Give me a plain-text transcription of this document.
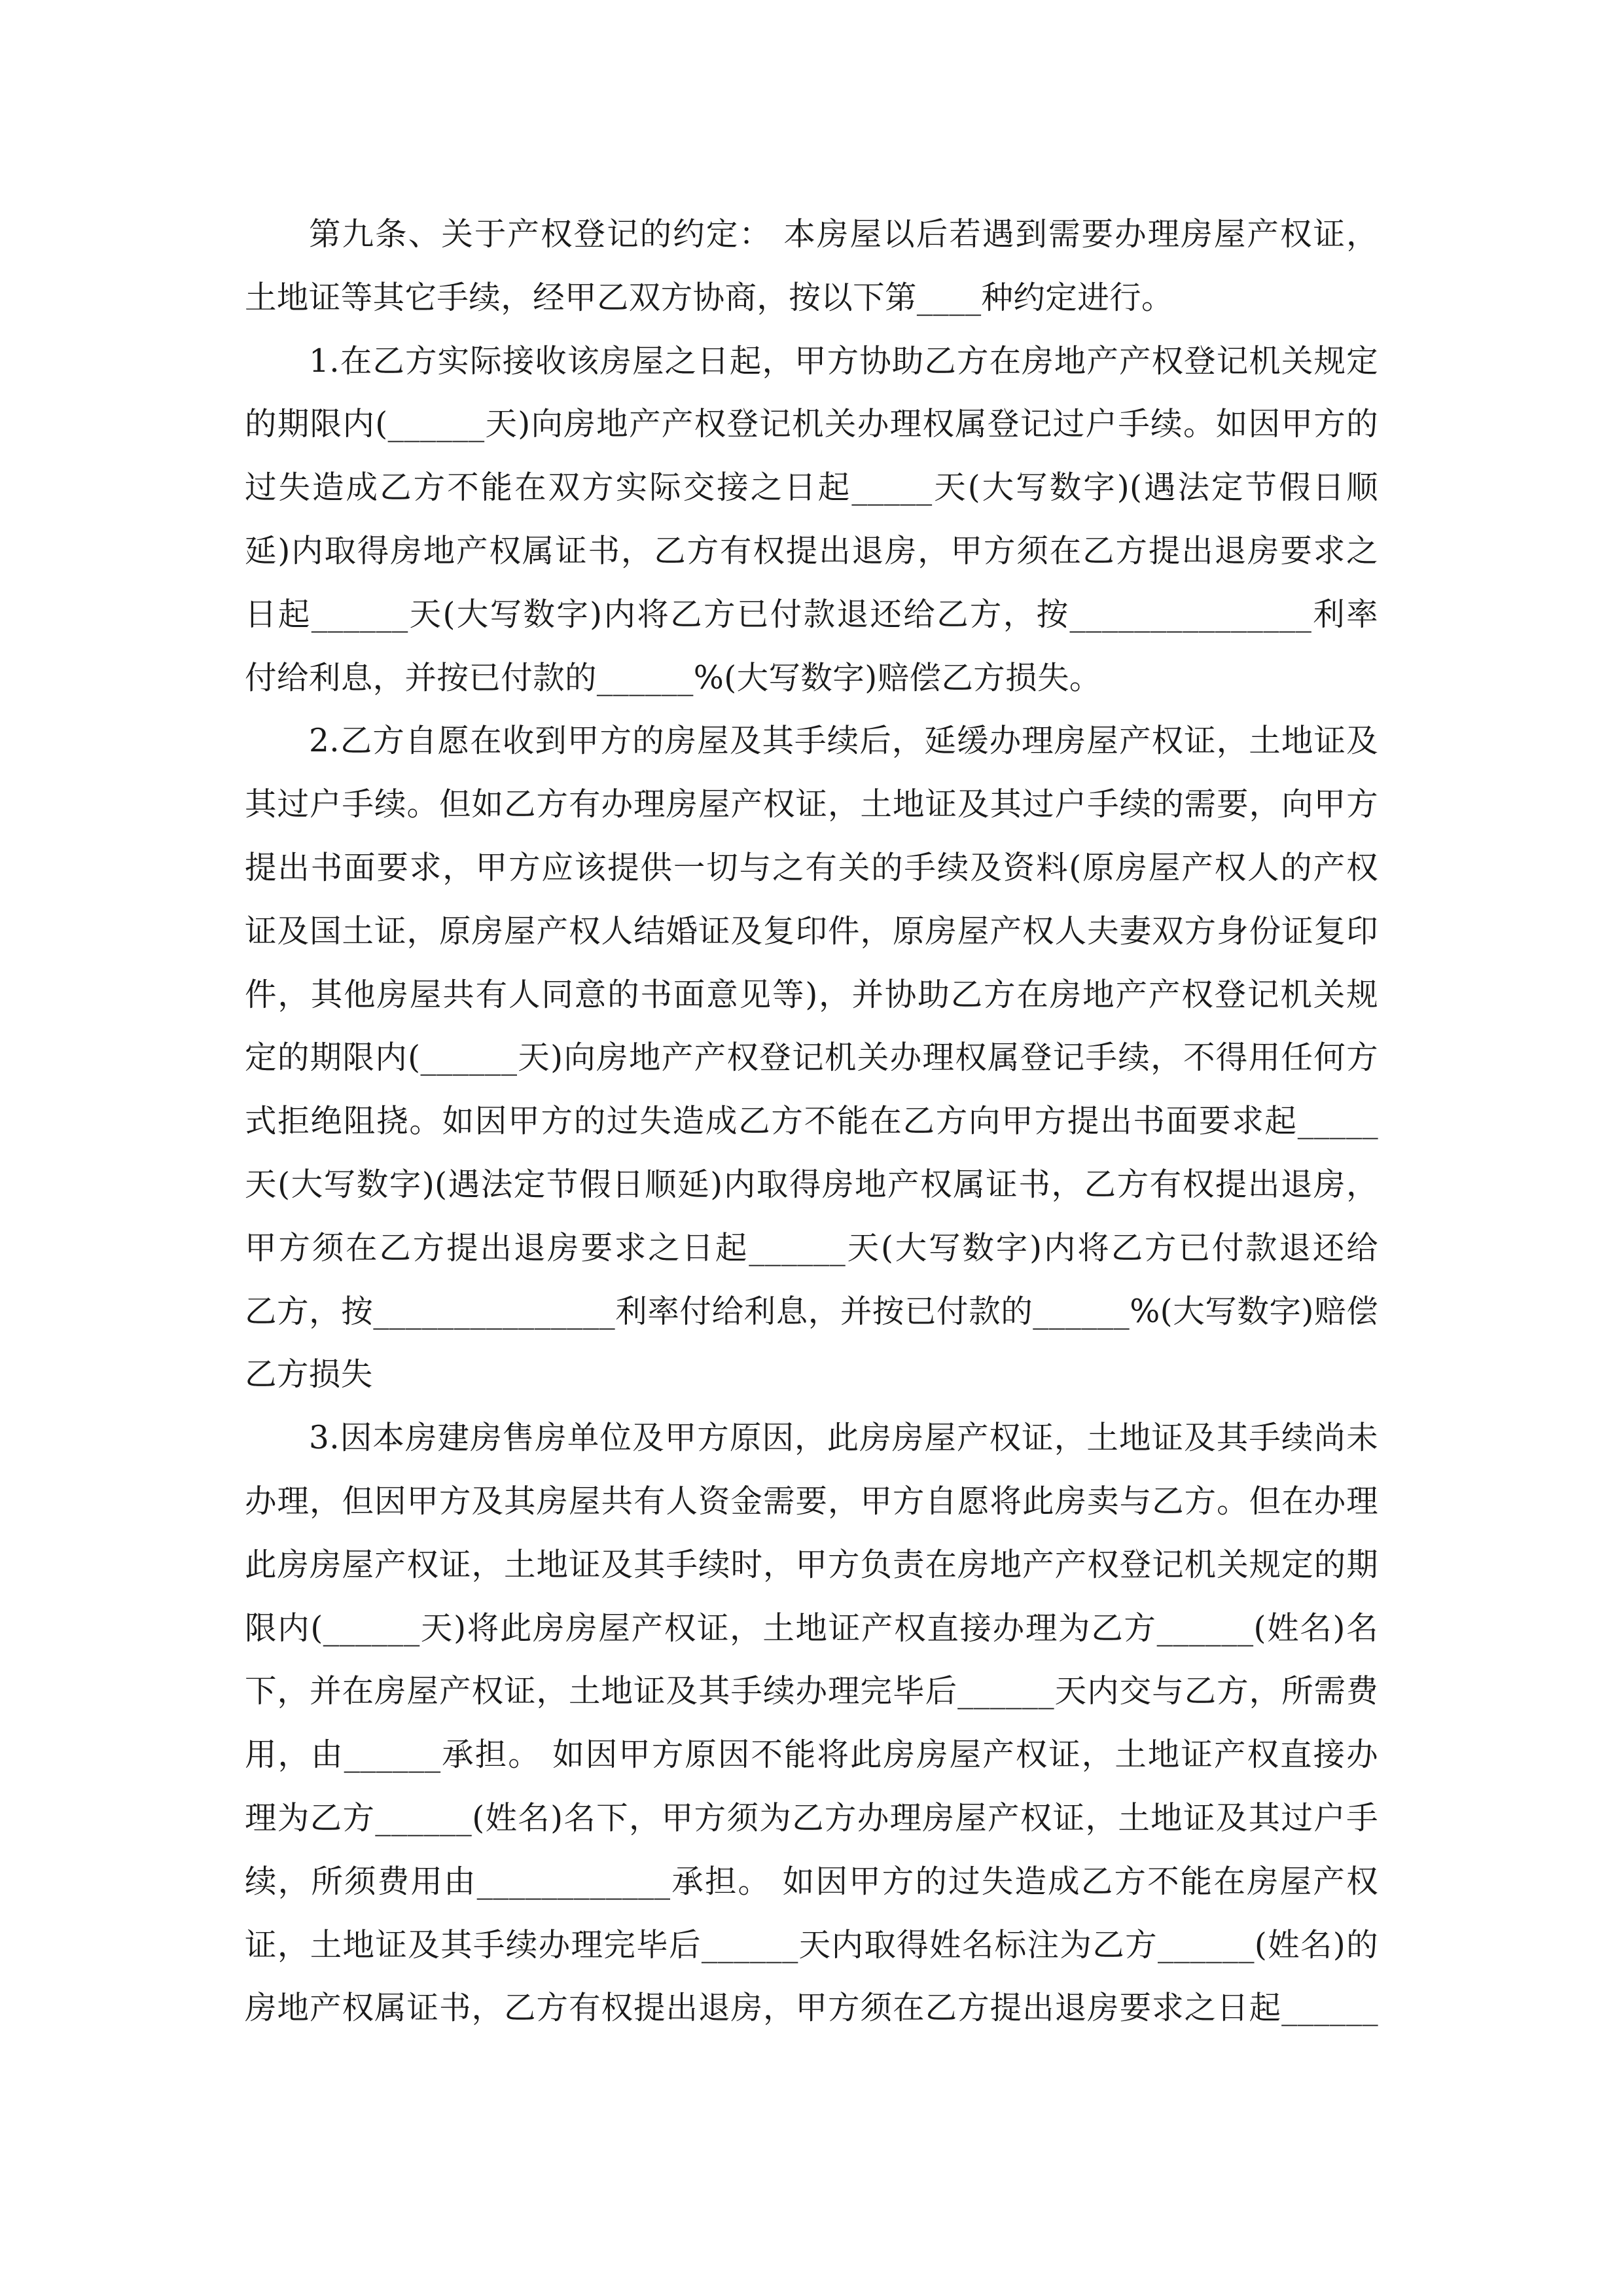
第九条、关于产权登记的约定： 本房屋以后若遇到需要办理房屋产权证，
土地证等其它手续，经甲乙双方协商，按以下第____种约定进行。
1.在乙方实际接收该房屋之日起，甲方协助乙方在房地产产权登记机关规定
的期限内(______天)向房地产产权登记机关办理权属登记过户手续。如因甲方的
过失造成乙方不能在双方实际交接之日起_____天(大写数字)(遇法定节假日顺
延)内取得房地产权属证书，乙方有权提出退房，甲方须在乙方提出退房要求之
日起______天(大写数字)内将乙方已付款退还给乙方，按_______________利率
付给利息，并按已付款的______%(大写数字)赔偿乙方损失。
2.乙方自愿在收到甲方的房屋及其手续后，延缓办理房屋产权证，土地证及
其过户手续。但如乙方有办理房屋产权证，土地证及其过户手续的需要，向甲方
提出书面要求，甲方应该提供一切与之有关的手续及资料(原房屋产权人的产权
证及国土证，原房屋产权人结婚证及复印件，原房屋产权人夫妻双方身份证复印
件，其他房屋共有人同意的书面意见等)，并协助乙方在房地产产权登记机关规
定的期限内(______天)向房地产产权登记机关办理权属登记手续，不得用任何方
式拒绝阻挠。如因甲方的过失造成乙方不能在乙方向甲方提出书面要求起_____
天(大写数字)(遇法定节假日顺延)内取得房地产权属证书，乙方有权提出退房，
甲方须在乙方提出退房要求之日起______天(大写数字)内将乙方已付款退还给
乙方，按_______________利率付给利息，并按已付款的______%(大写数字)赔偿
乙方损失
3.因本房建房售房单位及甲方原因，此房房屋产权证，土地证及其手续尚未
办理，但因甲方及其房屋共有人资金需要，甲方自愿将此房卖与乙方。但在办理
此房房屋产权证，土地证及其手续时，甲方负责在房地产产权登记机关规定的期
限内(______天)将此房房屋产权证，土地证产权直接办理为乙方______(姓名)名
下，并在房屋产权证，土地证及其手续办理完毕后______天内交与乙方，所需费
用，由______承担。 如因甲方原因不能将此房房屋产权证，土地证产权直接办
理为乙方______(姓名)名下，甲方须为乙方办理房屋产权证，土地证及其过户手
续，所须费用由____________承担。 如因甲方的过失造成乙方不能在房屋产权
证，土地证及其手续办理完毕后______天内取得姓名标注为乙方______(姓名)的
房地产权属证书，乙方有权提出退房，甲方须在乙方提出退房要求之日起______
